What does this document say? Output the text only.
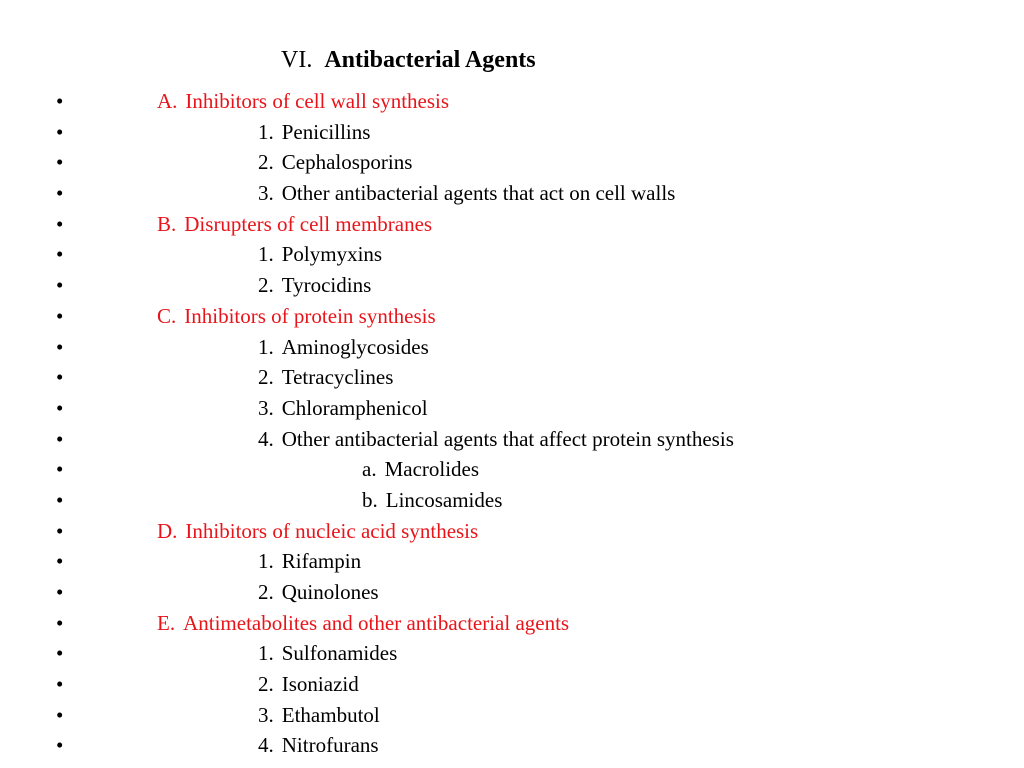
VI. Antibacterial Agents
•	A. Inhibitors of cell wall synthesis
•	1. Penicillins
•	2. Cephalosporins
•	3. Other antibacterial agents that act on cell walls
•	B. Disrupters of cell membranes
•	1. Polymyxins
•	2. Tyrocidins
•	C. Inhibitors of protein synthesis
•	1. Aminoglycosides
•	2. Tetracyclines
•	3. Chloramphenicol
•	4. Other antibacterial agents that affect protein synthesis
•	a. Macrolides
•	b. Lincosamides
•	D. Inhibitors of nucleic acid synthesis
•	1. Rifampin
•	2. Quinolones
•	E. Antimetabolites and other antibacterial agents
•	1. Sulfonamides
•	2. Isoniazid
•	3. Ethambutol
•	4. Nitrofurans
